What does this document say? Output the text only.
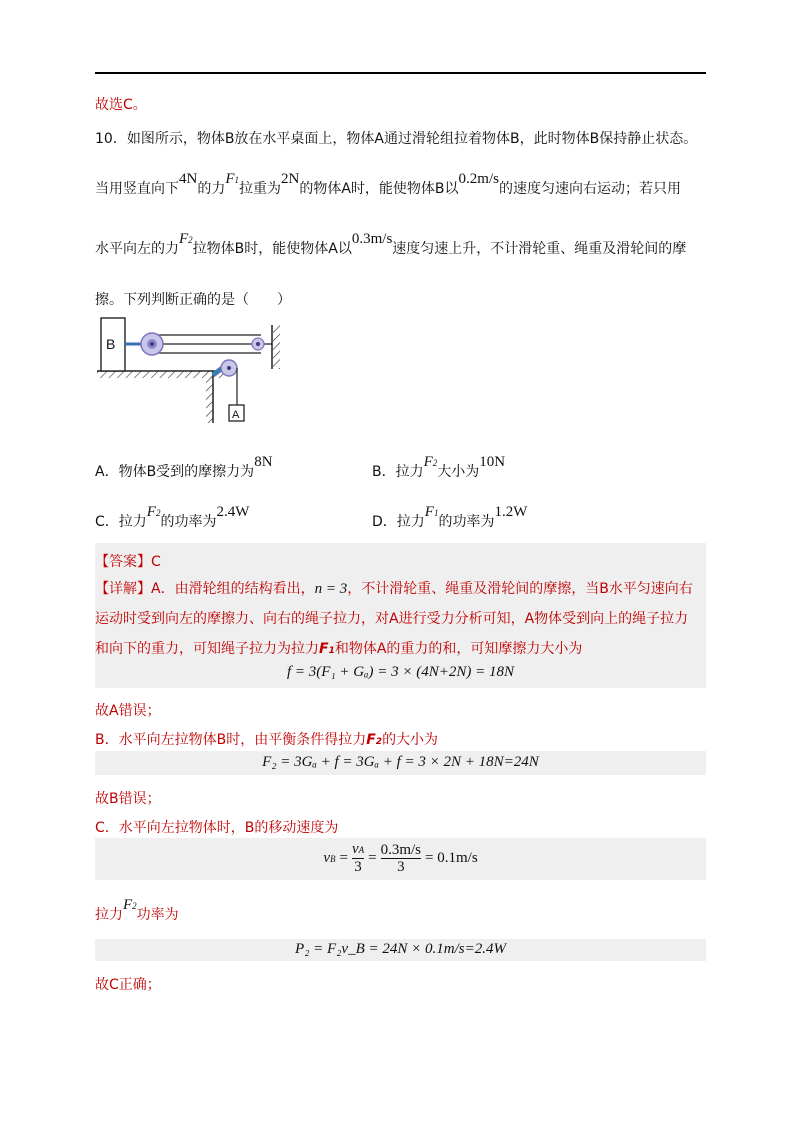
故选C。
10．如图所示，物体B放在水平桌面上，物体A通过滑轮组拉着物体B，此时物体B保持静止状态。
当用竖直向下4N的力F1拉重为2N的物体A时，能使物体B以0.2m/s的速度匀速向右运动；若只用
水平向左的力F2拉物体B时，能使物体A以0.3m/s速度匀速上升，不计滑轮重、绳重及滑轮间的摩
擦。下列判断正确的是（　　）
B
A
A．物体B受到的摩擦力为8N
B．拉力F2大小为10N
C．拉力F2的功率为2.4W
D．拉力F1的功率为1.2W
【答案】C
【详解】A．由滑轮组的结构看出，n = 3，不计滑轮重、绳重及滑轮间的摩擦，当B水平匀速向右
运动时受到向左的摩擦力、向右的绳子拉力，对A进行受力分析可知，A物体受到向上的绳子拉力
和向下的重力，可知绳子拉力为拉力F1和物体A的重力的和，可知摩擦力大小为
f = 3(F₁ + Gₐ) = 3 × (4N+2N) = 18N
故A错误；
B．水平向左拉物体B时，由平衡条件得拉力F2的大小为
F₂ = 3Gₐ + f = 3Gₐ + f = 3 × 2N + 18N=24N
故B错误；
C．水平向左拉物体时，B的移动速度为
vB = $\frac{vA}{3} = \frac{0.3m/s}{3} = 0.1m/s$
拉力F2功率为
P₂ = F₂v_B = 24N × 0.1m/s=2.4W
故C正确；
